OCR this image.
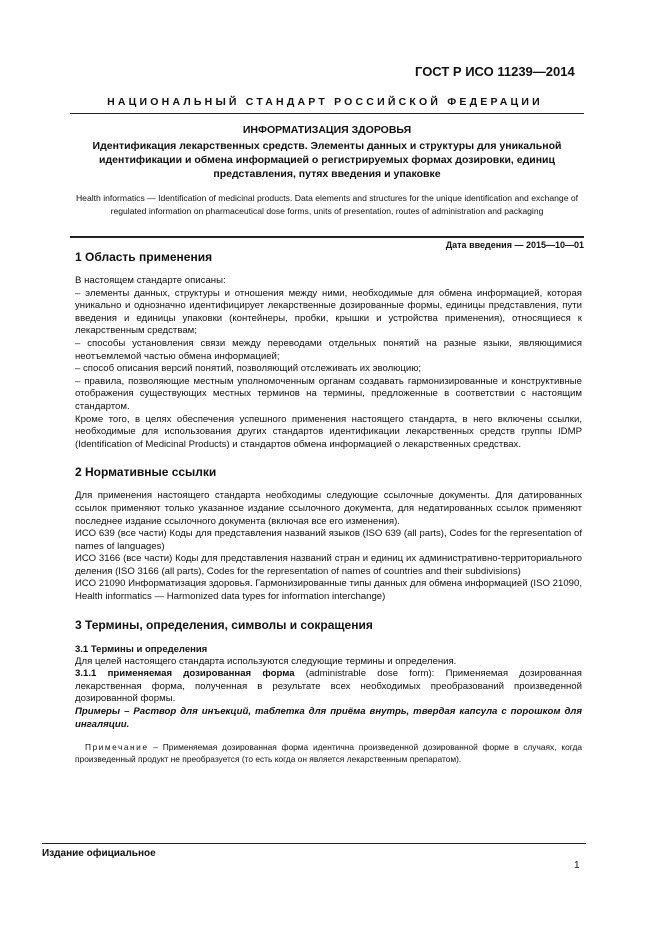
ГОСТ Р ИСО 11239—2014
НАЦИОНАЛЬНЫЙ СТАНДАРТ РОССИЙСКОЙ ФЕДЕРАЦИИ
ИНФОРМАТИЗАЦИЯ ЗДОРОВЬЯ
Идентификация лекарственных средств. Элементы данных и структуры для уникальной идентификации и обмена информацией о регистрируемых формах дозировки, единиц представления, путях введения и упаковке
Health informatics — Identification of medicinal products. Data elements and structures for the unique identification and exchange of regulated information on pharmaceutical dose forms, units of presentation, routes of administration and packaging
Дата введения — 2015—10—01
1 Область применения

В настоящем стандарте описаны:

– элементы данных, структуры и отношения между ними, необходимые для обмена информацией, которая уникально и однозначно идентифицирует лекарственные дозированные формы, единицы представления, пути введения и единицы упаковки (контейнеры, пробки, крышки и устройства применения), относящиеся к лекарственным средствам;

– способы установления связи между переводами отдельных понятий на разные языки, являющимися неотъемлемой частью обмена информацией;

– способ описания версий понятий, позволяющий отслеживать их эволюцию;

– правила, позволяющие местным уполномоченным органам создавать гармонизированные и конструктивные отображения существующих местных терминов на термины, предложенные в соответствии с настоящим стандартом.

Кроме того, в целях обеспечения успешного применения настоящего стандарта, в него включены ссылки, необходимые для использования других стандартов идентификации лекарственных средств группы IDMP (Identification of Medicinal Products) и стандартов обмена информацией о лекарственных средствах.

2 Нормативные ссылки

Для применения настоящего стандарта необходимы следующие ссылочные документы. Для датированных ссылок применяют только указанное издание ссылочного документа, для недатированных ссылок применяют последнее издание ссылочного документа (включая все его изменения).

ИСО 639 (все части) Коды для представления названий языков (ISO 639 (all parts), Codes for the representation of names of languages)

ИСО 3166 (все части) Коды для представления названий стран и единиц их административно-территориального деления (ISO 3166 (all parts), Codes for the representation of names of countries and their subdivisions)

ИСО 21090 Информатизация здоровья. Гармонизированные типы данных для обмена информацией (ISO 21090, Health informatics — Harmonized data types for information interchange)

3 Термины, определения, символы и сокращения
3.1 Термины и определения

Для целей настоящего стандарта используются следующие термины и определения.

3.1.1 применяемая дозированная форма (administrable dose form): Применяемая дозированная лекарственная форма, полученная в результате всех необходимых преобразований произведенной дозированной формы.

Примеры – Раствор для инъекций, таблетка для приёма внутрь, твердая капсула с порошком для ингаляции.

Примечание – Применяемая дозированная форма идентична произведенной дозированной форме в случаях, когда произведенный продукт не преобразуется (то есть когда он является лекарственным препаратом).

Издание официальное
1
